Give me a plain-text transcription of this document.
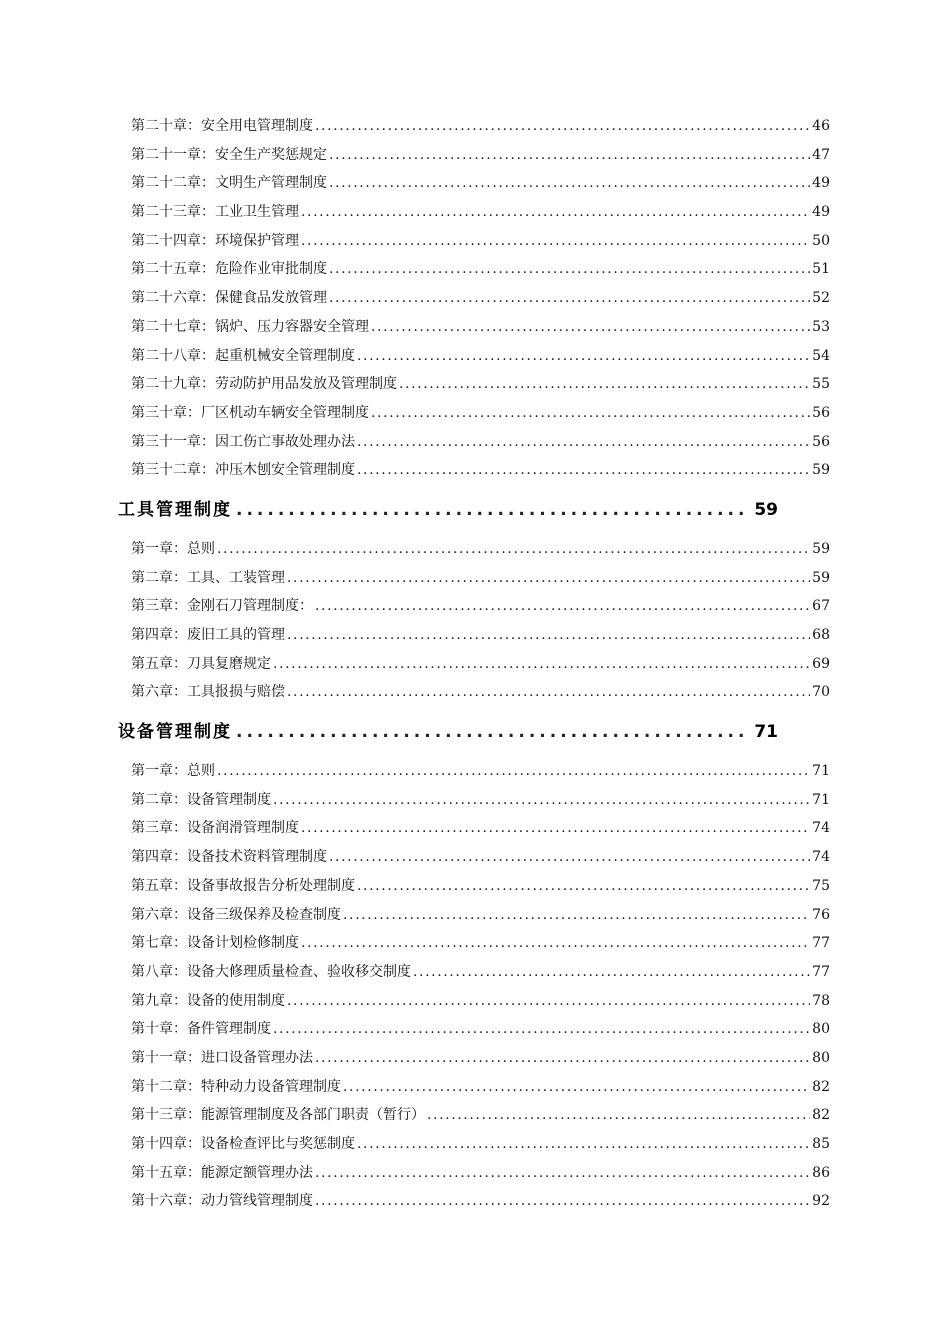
第二十章：安全用电管理制度 .....	46
第二十一章：安全生产奖惩规定 .....	47
第二十二章：文明生产管理制度 .....	49
第二十三章：工业卫生管理 .....	49
第二十四章：环境保护管理 .....	50
第二十五章：危险作业审批制度 .....	51
第二十六章：保健食品发放管理 .....	52
第二十七章：锅炉、压力容器安全管理 .....	53
第二十八章：起重机械安全管理制度 .....	54
第二十九章：劳动防护用品发放及管理制度 .....	55
第三十章：厂区机动车辆安全管理制度 .....	56
第三十一章：因工伤亡事故处理办法 .....	56
第三十二章：冲压木刨安全管理制度 .....	59
工具管理制度 .....	59
第一章：总则 .....	59
第二章：工具、工装管理 .....	59
第三章：金刚石刀管理制度： .....	67
第四章：废旧工具的管理 .....	68
第五章：刀具复磨规定 .....	69
第六章：工具报损与赔偿 .....	70
设备管理制度 .....	71
第一章：总则 .....	71
第二章：设备管理制度 .....	71
第三章：设备润滑管理制度 .....	74
第四章：设备技术资料管理制度 .....	74
第五章：设备事故报告分析处理制度 .....	75
第六章：设备三级保养及检查制度 .....	76
第七章：设备计划检修制度 .....	77
第八章：设备大修理质量检查、验收移交制度 .....	77
第九章：设备的使用制度 .....	78
第十章：备件管理制度 .....	80
第十一章：进口设备管理办法 .....	80
第十二章：特种动力设备管理制度 .....	82
第十三章：能源管理制度及各部门职责（暂行） .....	82
第十四章：设备检查评比与奖惩制度 .....	85
第十五章：能源定额管理办法 .....	86
第十六章：动力管线管理制度 .....	92
